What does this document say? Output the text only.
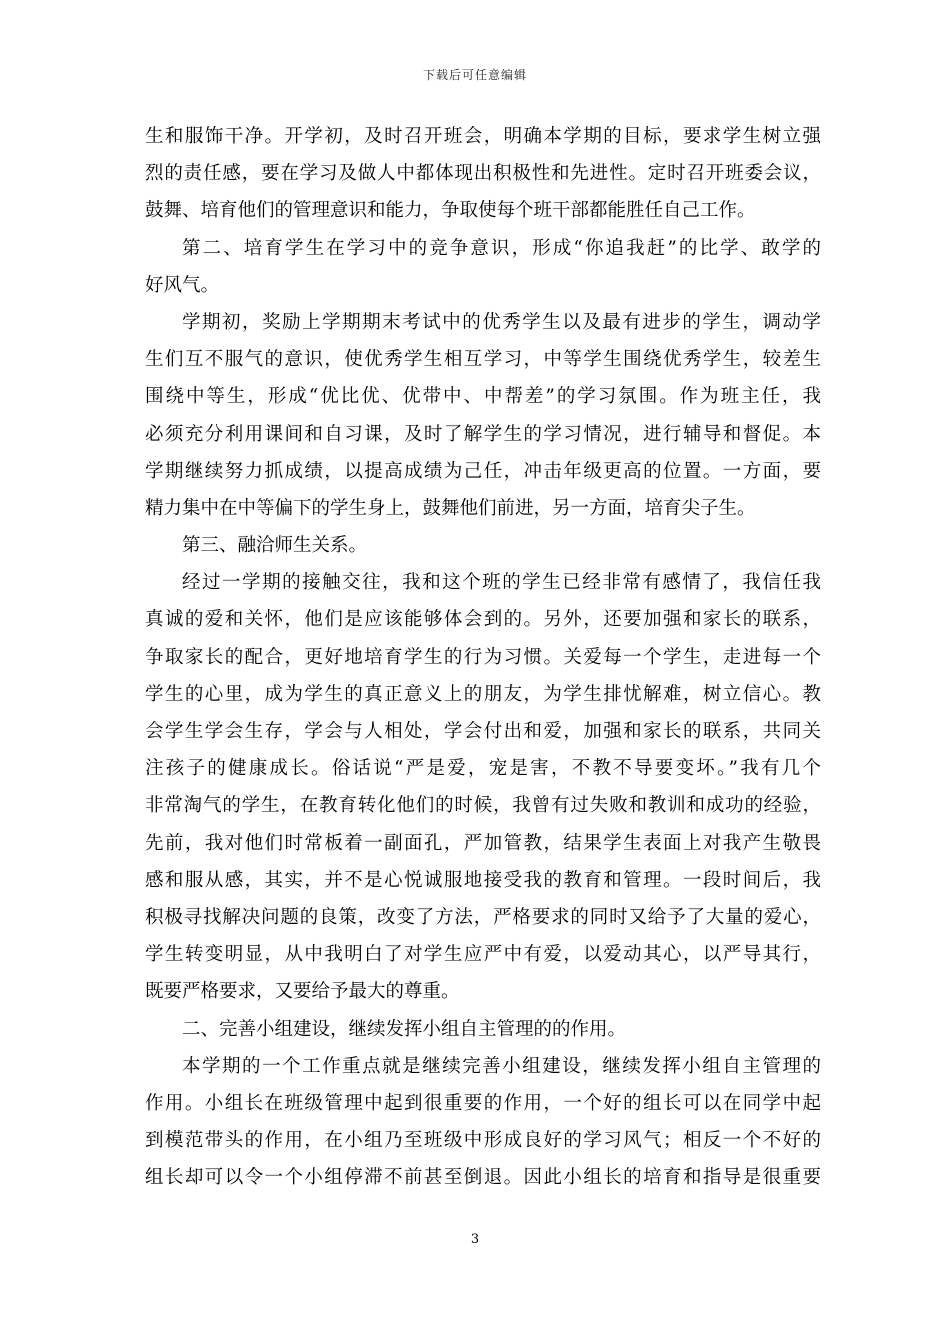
下载后可任意编辑
生和服饰干净。开学初，及时召开班会，明确本学期的目标，要求学生树立强
烈的责任感，要在学习及做人中都体现出积极性和先进性。定时召开班委会议，
鼓舞、培育他们的管理意识和能力，争取使每个班干部都能胜任自己工作。
第二、培育学生在学习中的竞争意识，形成“你追我赶”的比学、敢学的
好风气。
学期初，奖励上学期期末考试中的优秀学生以及最有进步的学生，调动学
生们互不服气的意识，使优秀学生相互学习，中等学生围绕优秀学生，较差生
围绕中等生，形成“优比优、优带中、中帮差”的学习氛围。作为班主任，我
必须充分利用课间和自习课，及时了解学生的学习情况，进行辅导和督促。本
学期继续努力抓成绩，以提高成绩为己任，冲击年级更高的位置。一方面，要
精力集中在中等偏下的学生身上，鼓舞他们前进，另一方面，培育尖子生。
第三、融洽师生关系。
经过一学期的接触交往，我和这个班的学生已经非常有感情了，我信任我
真诚的爱和关怀，他们是应该能够体会到的。另外，还要加强和家长的联系，
争取家长的配合，更好地培育学生的行为习惯。关爱每一个学生，走进每一个
学生的心里，成为学生的真正意义上的朋友，为学生排忧解难，树立信心。教
会学生学会生存，学会与人相处，学会付出和爱，加强和家长的联系，共同关
注孩子的健康成长。俗话说“严是爱，宠是害，不教不导要变坏。”我有几个
非常淘气的学生，在教育转化他们的时候，我曾有过失败和教训和成功的经验，
先前，我对他们时常板着一副面孔，严加管教，结果学生表面上对我产生敬畏
感和服从感，其实，并不是心悦诚服地接受我的教育和管理。一段时间后，我
积极寻找解决问题的良策，改变了方法，严格要求的同时又给予了大量的爱心，
学生转变明显，从中我明白了对学生应严中有爱，以爱动其心，以严导其行，
既要严格要求，又要给予最大的尊重。
二、完善小组建设，继续发挥小组自主管理的的作用。
本学期的一个工作重点就是继续完善小组建设，继续发挥小组自主管理的
作用。小组长在班级管理中起到很重要的作用，一个好的组长可以在同学中起
到模范带头的作用，在小组乃至班级中形成良好的学习风气；相反一个不好的
组长却可以令一个小组停滞不前甚至倒退。因此小组长的培育和指导是很重要
3
